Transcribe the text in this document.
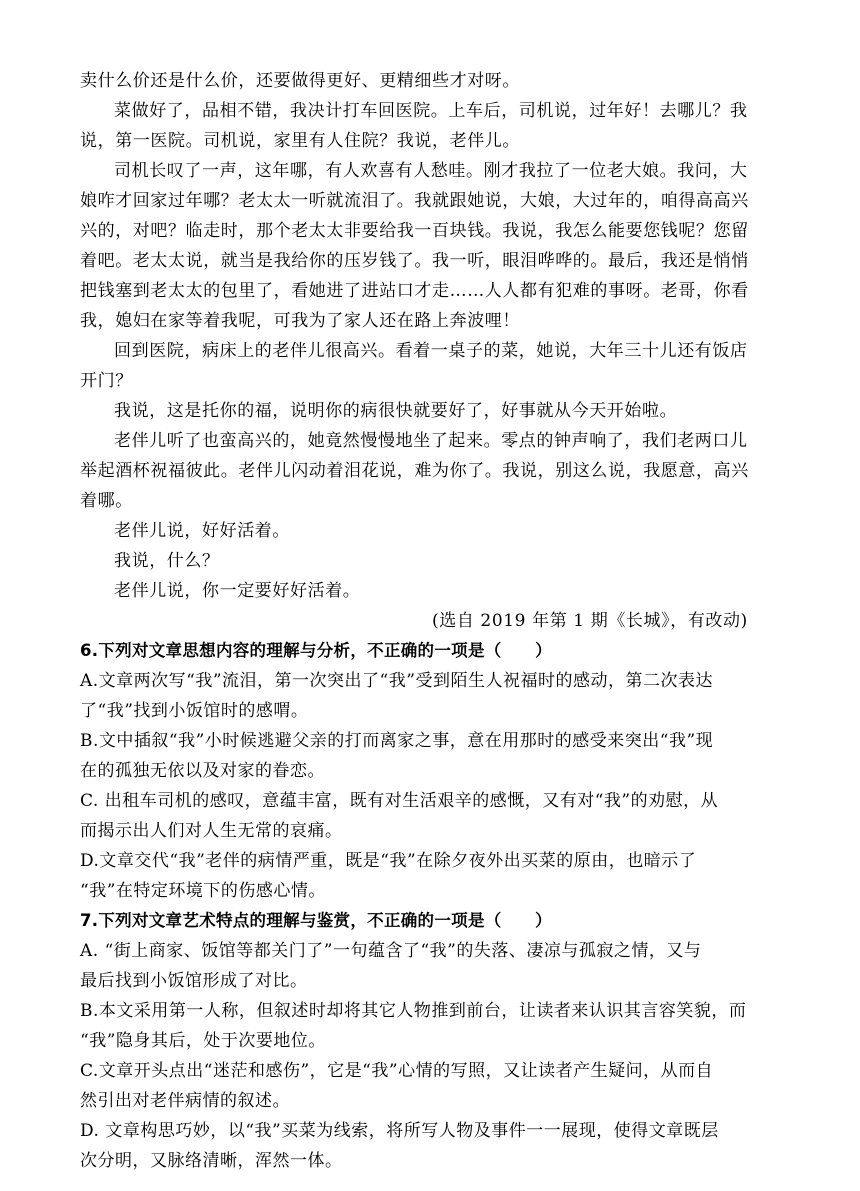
卖什么价还是什么价，还要做得更好、更精细些才对呀。
菜做好了，品相不错，我决计打车回医院。上车后，司机说，过年好！去哪儿？我
说，第一医院。司机说，家里有人住院？我说，老伴儿。
司机长叹了一声，这年哪，有人欢喜有人愁哇。刚才我拉了一位老大娘。我问，大
娘咋才回家过年哪？老太太一听就流泪了。我就跟她说，大娘，大过年的，咱得高高兴
兴的，对吧？临走时，那个老太太非要给我一百块钱。我说，我怎么能要您钱呢？您留
着吧。老太太说，就当是我给你的压岁钱了。我一听，眼泪哗哗的。最后，我还是悄悄
把钱塞到老太太的包里了，看她进了进站口才走……人人都有犯难的事呀。老哥，你看
我，媳妇在家等着我呢，可我为了家人还在路上奔波哩！
回到医院，病床上的老伴儿很高兴。看着一桌子的菜，她说，大年三十儿还有饭店
开门？
我说，这是托你的福，说明你的病很快就要好了，好事就从今天开始啦。
老伴儿听了也蛮高兴的，她竟然慢慢地坐了起来。零点的钟声响了，我们老两口儿
举起酒杯祝福彼此。老伴儿闪动着泪花说，难为你了。我说，别这么说，我愿意，高兴
着哪。
老伴儿说，好好活着。
我说，什么？
老伴儿说，你一定要好好活着。
(选自 2019 年第 1 期《长城》，有改动)
6.下列对文章思想内容的理解与分析，不正确的一项是（　　）
A.文章两次写“我”流泪，第一次突出了“我”受到陌生人祝福时的感动，第二次表达
了“我”找到小饭馆时的感喟。
B.文中插叙“我”小时候逃避父亲的打而离家之事，意在用那时的感受来突出“我”现
在的孤独无依以及对家的眷恋。
C. 出租车司机的感叹，意蕴丰富，既有对生活艰辛的感慨，又有对“我”的劝慰，从
而揭示出人们对人生无常的哀痛。
D.文章交代“我”老伴的病情严重，既是“我”在除夕夜外出买菜的原由，也暗示了
“我”在特定环境下的伤感心情。
7.下列对文章艺术特点的理解与鉴赏，不正确的一项是（　　）
A. “街上商家、饭馆等都关门了”一句蕴含了“我”的失落、凄凉与孤寂之情，又与
最后找到小饭馆形成了对比。
B.本文采用第一人称，但叙述时却将其它人物推到前台，让读者来认识其言容笑貌，而
“我”隐身其后，处于次要地位。
C.文章开头点出“迷茫和感伤”，它是“我”心情的写照，又让读者产生疑问，从而自
然引出对老伴病情的叙述。
D. 文章构思巧妙，以“我”买菜为线索，将所写人物及事件一一展现，使得文章既层
次分明，又脉络清晰，浑然一体。
